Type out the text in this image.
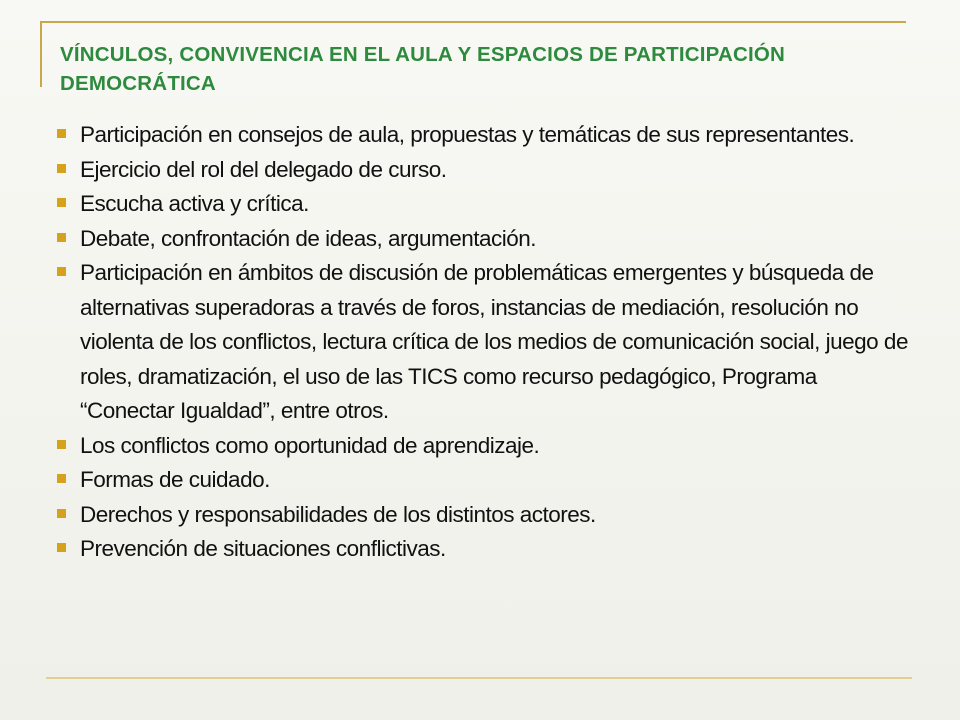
VÍNCULOS, CONVIVENCIA EN EL AULA Y ESPACIOS DE PARTICIPACIÓN DEMOCRÁTICA
Participación en consejos de aula, propuestas y temáticas de sus representantes.
Ejercicio del rol del delegado de curso.
Escucha activa y crítica.
Debate, confrontación de ideas, argumentación.
Participación en ámbitos de discusión de problemáticas emergentes y búsqueda de alternativas superadoras a través de foros, instancias de mediación, resolución no violenta de los conflictos, lectura crítica de los medios de comunicación social, juego de roles, dramatización, el uso de las TICS como recurso pedagógico, Programa “Conectar Igualdad”, entre otros.
Los conflictos como oportunidad de aprendizaje.
Formas de cuidado.
Derechos y responsabilidades de los distintos actores.
Prevención de situaciones conflictivas.
